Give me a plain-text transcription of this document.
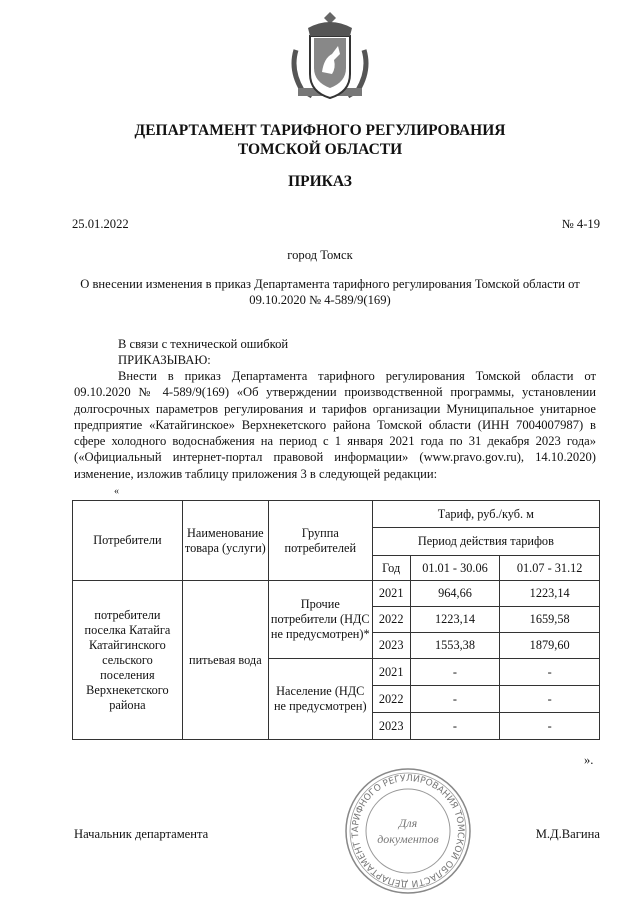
ДЕПАРТАМЕНТ ТАРИФНОГО РЕГУЛИРОВАНИЯ
ТОМСКОЙ ОБЛАСТИ
ПРИКАЗ
25.01.2022	№ 4-19
город Томск
О внесении изменения в приказ Департамента тарифного регулирования Томской области от
09.10.2020 № 4-589/9(169)
В связи с технической ошибкой
ПРИКАЗЫВАЮ:
Внести в приказ Департамента тарифного регулирования Томской области от
09.10.2020 № 4-589/9(169) «Об утверждении производственной программы, установлении
долгосрочных параметров регулирования и тарифов организации Муниципальное унитарное
предприятие «Катайгинское» Верхнекетского района Томской области (ИНН 7004007987) в
сфере холодного водоснабжения на период с 1 января 2021 года по 31 декабря 2023 года»
(«Официальный интернет-портал правовой информации» (www.pravo.gov.ru), 14.10.2020)
изменение, изложив таблицу приложения 3 в следующей редакции:
«
Потребители	Наименование товара (услуги)	Группа потребителей	Тариф, руб./куб. м		
			Период действия тарифов		
			Год	01.01 - 30.06	01.07 - 31.12
потребители поселка Катайга Катайгинского сельского поселения Верхнекетского района	питьевая вода	Прочие потребители (НДС не предусмотрен)*	2021	964,66	1223,14
			2022	1223,14	1659,58
			2023	1553,38	1879,60
		Население (НДС не предусмотрен)	2021	-	-
			2022	-	-
			2023	-	-
».
ДЕПАРТАМЕНТ ТАРИФНОГО РЕГУЛИРОВАНИЯ ТОМСКОЙ ОБЛАСТИ
Для
документов
Начальник департамента	М.Д.Вагина
